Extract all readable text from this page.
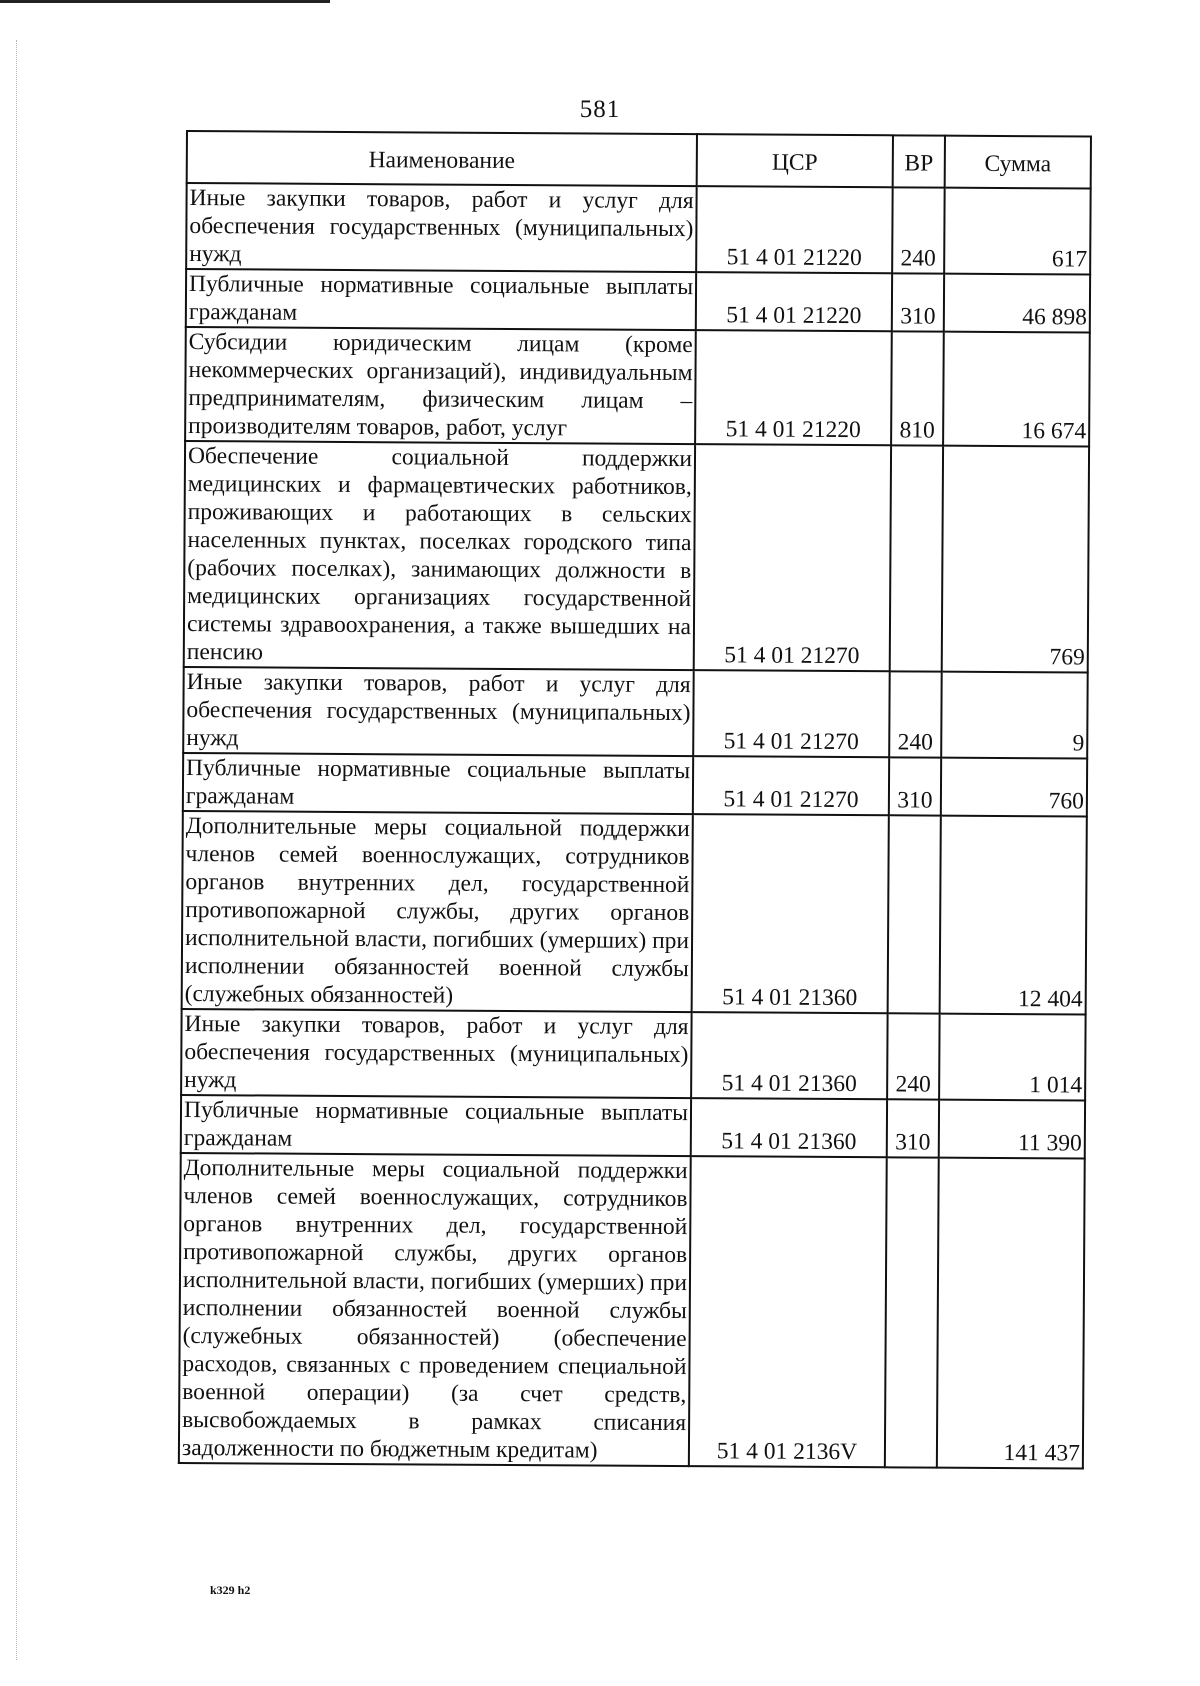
581
Наименование	ЦСР	ВР	Сумма
Иные закупки товаров, работ и услуг для обеспечения государственных (муниципальных) нужд	51 4 01 21220	240	617
Публичные нормативные социальные выплаты гражданам	51 4 01 21220	310	46 898
Субсидии юридическим лицам (кроме некоммерческих организаций), индивидуальным предпринимателям, физическим лицам – производителям товаров, работ, услуг	51 4 01 21220	810	16 674
Обеспечение социальной поддержки медицинских и фармацевтических работников, проживающих и работающих в сельских населенных пунктах, поселках городского типа (рабочих поселках), занимающих должности в медицинских организациях государственной системы здравоохранения, а также вышедших на пенсию	51 4 01 21270		769
Иные закупки товаров, работ и услуг для обеспечения государственных (муниципальных) нужд	51 4 01 21270	240	9
Публичные нормативные социальные выплаты гражданам	51 4 01 21270	310	760
Дополнительные меры социальной поддержки членов семей военнослужащих, сотрудников органов внутренних дел, государственной противопожарной службы, других органов исполнительной власти, погибших (умерших) при исполнении обязанностей военной службы (служебных обязанностей)	51 4 01 21360		12 404
Иные закупки товаров, работ и услуг для обеспечения государственных (муниципальных) нужд	51 4 01 21360	240	1 014
Публичные нормативные социальные выплаты гражданам	51 4 01 21360	310	11 390
Дополнительные меры социальной поддержки членов семей военнослужащих, сотрудников органов внутренних дел, государственной противопожарной службы, других органов исполнительной власти, погибших (умерших) при исполнении обязанностей военной службы (служебных обязанностей) (обеспечение расходов, связанных с проведением специальной военной операции) (за счет средств, высвобождаемых в рамках списания задолженности по бюджетным кредитам)	51 4 01 2136V		141 437
k329 h2
